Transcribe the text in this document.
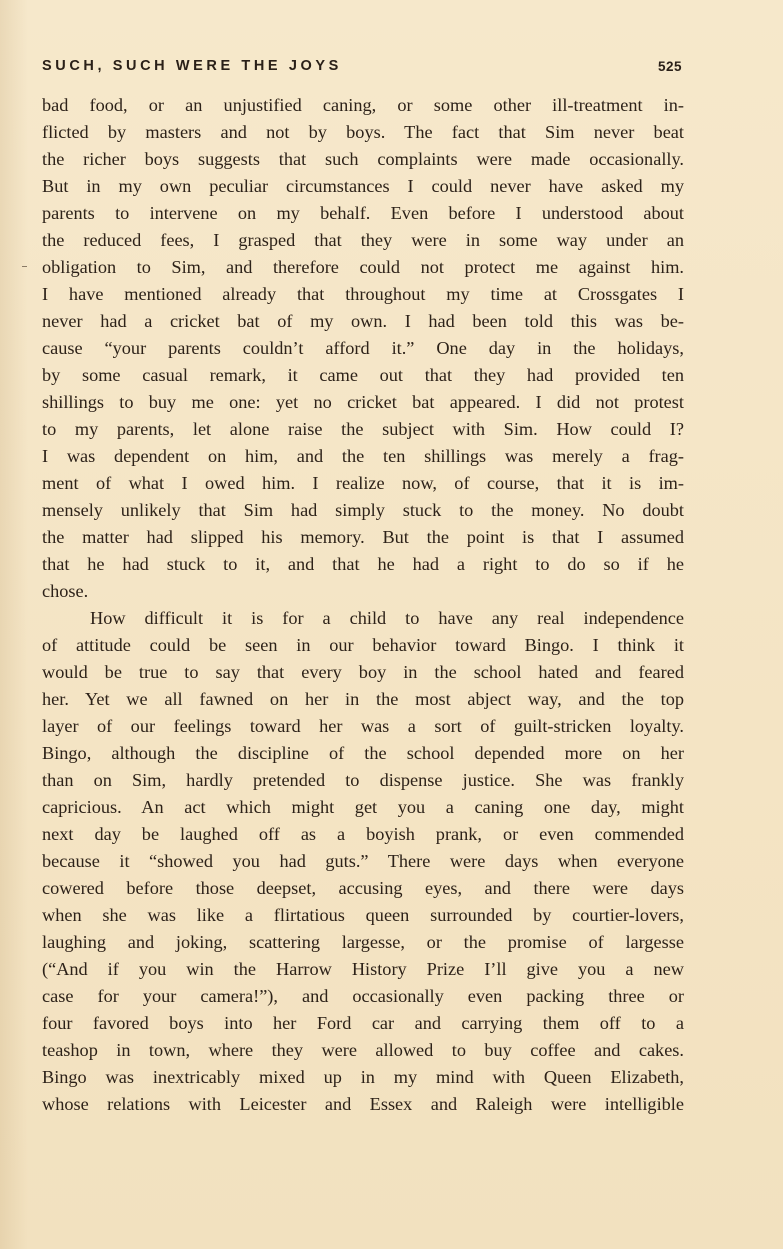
SUCH, SUCH WERE THE JOYS	525
bad food, or an unjustified caning, or some other ill-treatment in-
flicted by masters and not by boys. The fact that Sim never beat
the richer boys suggests that such complaints were made occasionally.
But in my own peculiar circumstances I could never have asked my
parents to intervene on my behalf. Even before I understood about
the reduced fees, I grasped that they were in some way under an
obligation to Sim, and therefore could not protect me against him.
I have mentioned already that throughout my time at Crossgates I
never had a cricket bat of my own. I had been told this was be-
cause “your parents couldn’t afford it.” One day in the holidays,
by some casual remark, it came out that they had provided ten
shillings to buy me one: yet no cricket bat appeared. I did not protest
to my parents, let alone raise the subject with Sim. How could I?
I was dependent on him, and the ten shillings was merely a frag-
ment of what I owed him. I realize now, of course, that it is im-
mensely unlikely that Sim had simply stuck to the money. No doubt
the matter had slipped his memory. But the point is that I assumed
that he had stuck to it, and that he had a right to do so if he
chose.
How difficult it is for a child to have any real independence
of attitude could be seen in our behavior toward Bingo. I think it
would be true to say that every boy in the school hated and feared
her. Yet we all fawned on her in the most abject way, and the top
layer of our feelings toward her was a sort of guilt-stricken loyalty.
Bingo, although the discipline of the school depended more on her
than on Sim, hardly pretended to dispense justice. She was frankly
capricious. An act which might get you a caning one day, might
next day be laughed off as a boyish prank, or even commended
because it “showed you had guts.” There were days when everyone
cowered before those deepset, accusing eyes, and there were days
when she was like a flirtatious queen surrounded by courtier-lovers,
laughing and joking, scattering largesse, or the promise of largesse
(“And if you win the Harrow History Prize I’ll give you a new
case for your camera!”), and occasionally even packing three or
four favored boys into her Ford car and carrying them off to a
teashop in town, where they were allowed to buy coffee and cakes.
Bingo was inextricably mixed up in my mind with Queen Elizabeth,
whose relations with Leicester and Essex and Raleigh were intelligible
